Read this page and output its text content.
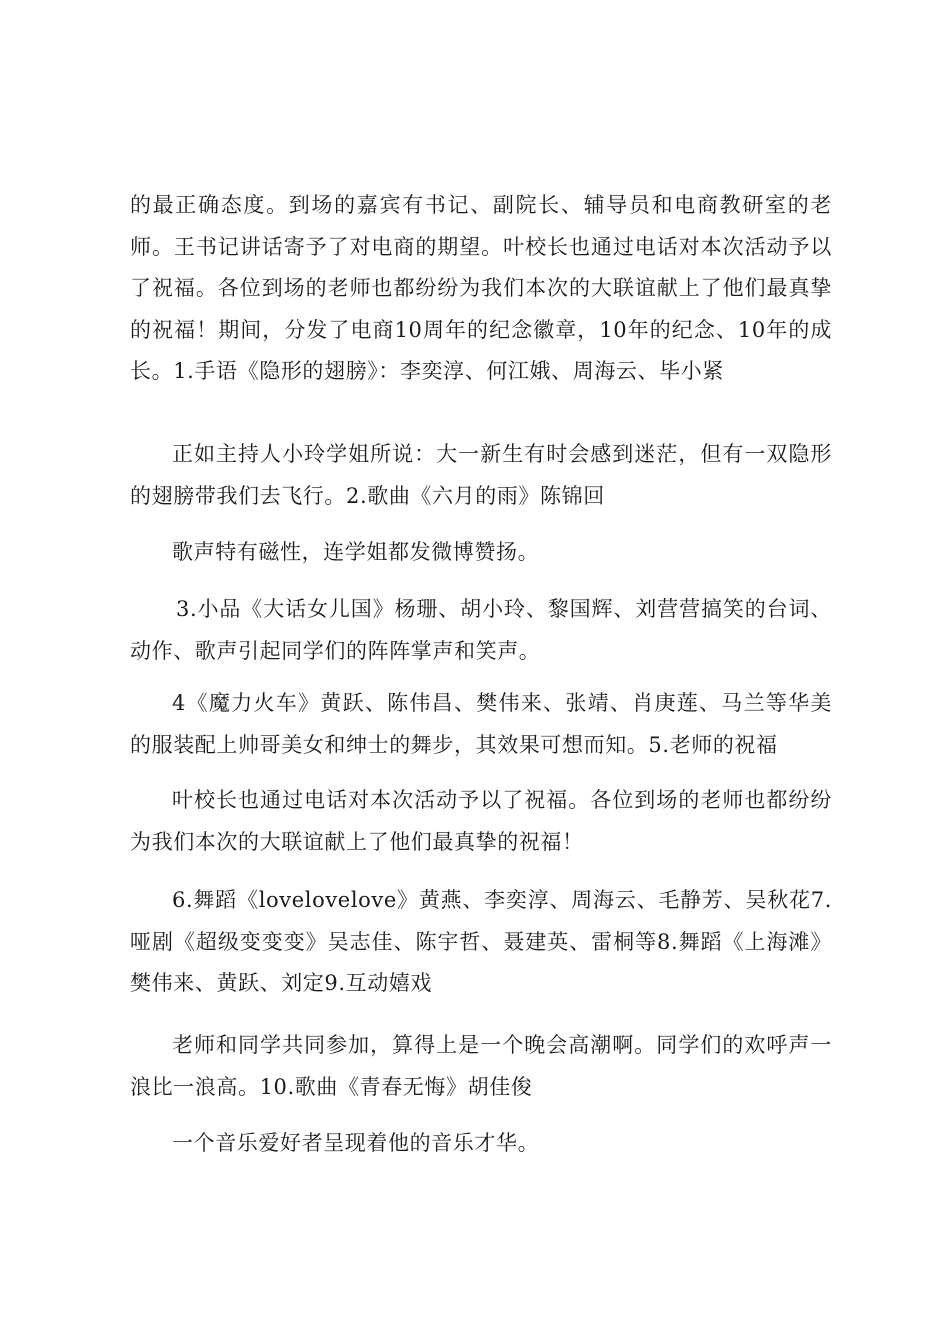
的最正确态度。到场的嘉宾有书记、副院长、辅导员和电商教研室的老师。王书记讲话寄予了对电商的期望。叶校长也通过电话对本次活动予以了祝福。各位到场的老师也都纷纷为我们本次的大联谊献上了他们最真挚的祝福！期间，分发了电商10周年的纪念徽章，10年的纪念、10年的成长。1.手语《隐形的翅膀》：李奕淳、何江娥、周海云、毕小紧

正如主持人小玲学姐所说：大一新生有时会感到迷茫，但有一双隐形的翅膀带我们去飞行。2.歌曲《六月的雨》陈锦回

歌声特有磁性，连学姐都发微博赞扬。

3.小品《大话女儿国》杨珊、胡小玲、黎国辉、刘营营搞笑的台词、动作、歌声引起同学们的阵阵掌声和笑声。

4《魔力火车》黄跃、陈伟昌、樊伟来、张靖、肖庚莲、马兰等华美的服装配上帅哥美女和绅士的舞步，其效果可想而知。5.老师的祝福

叶校长也通过电话对本次活动予以了祝福。各位到场的老师也都纷纷为我们本次的大联谊献上了他们最真挚的祝福！

6.舞蹈《lovelovelove》黄燕、李奕淳、周海云、毛静芳、吴秋花7.哑剧《超级变变变》吴志佳、陈宇哲、聂建英、雷桐等8.舞蹈《上海滩》樊伟来、黄跃、刘定9.互动嬉戏

老师和同学共同参加，算得上是一个晚会高潮啊。同学们的欢呼声一浪比一浪高。10.歌曲《青春无悔》胡佳俊

一个音乐爱好者呈现着他的音乐才华。
